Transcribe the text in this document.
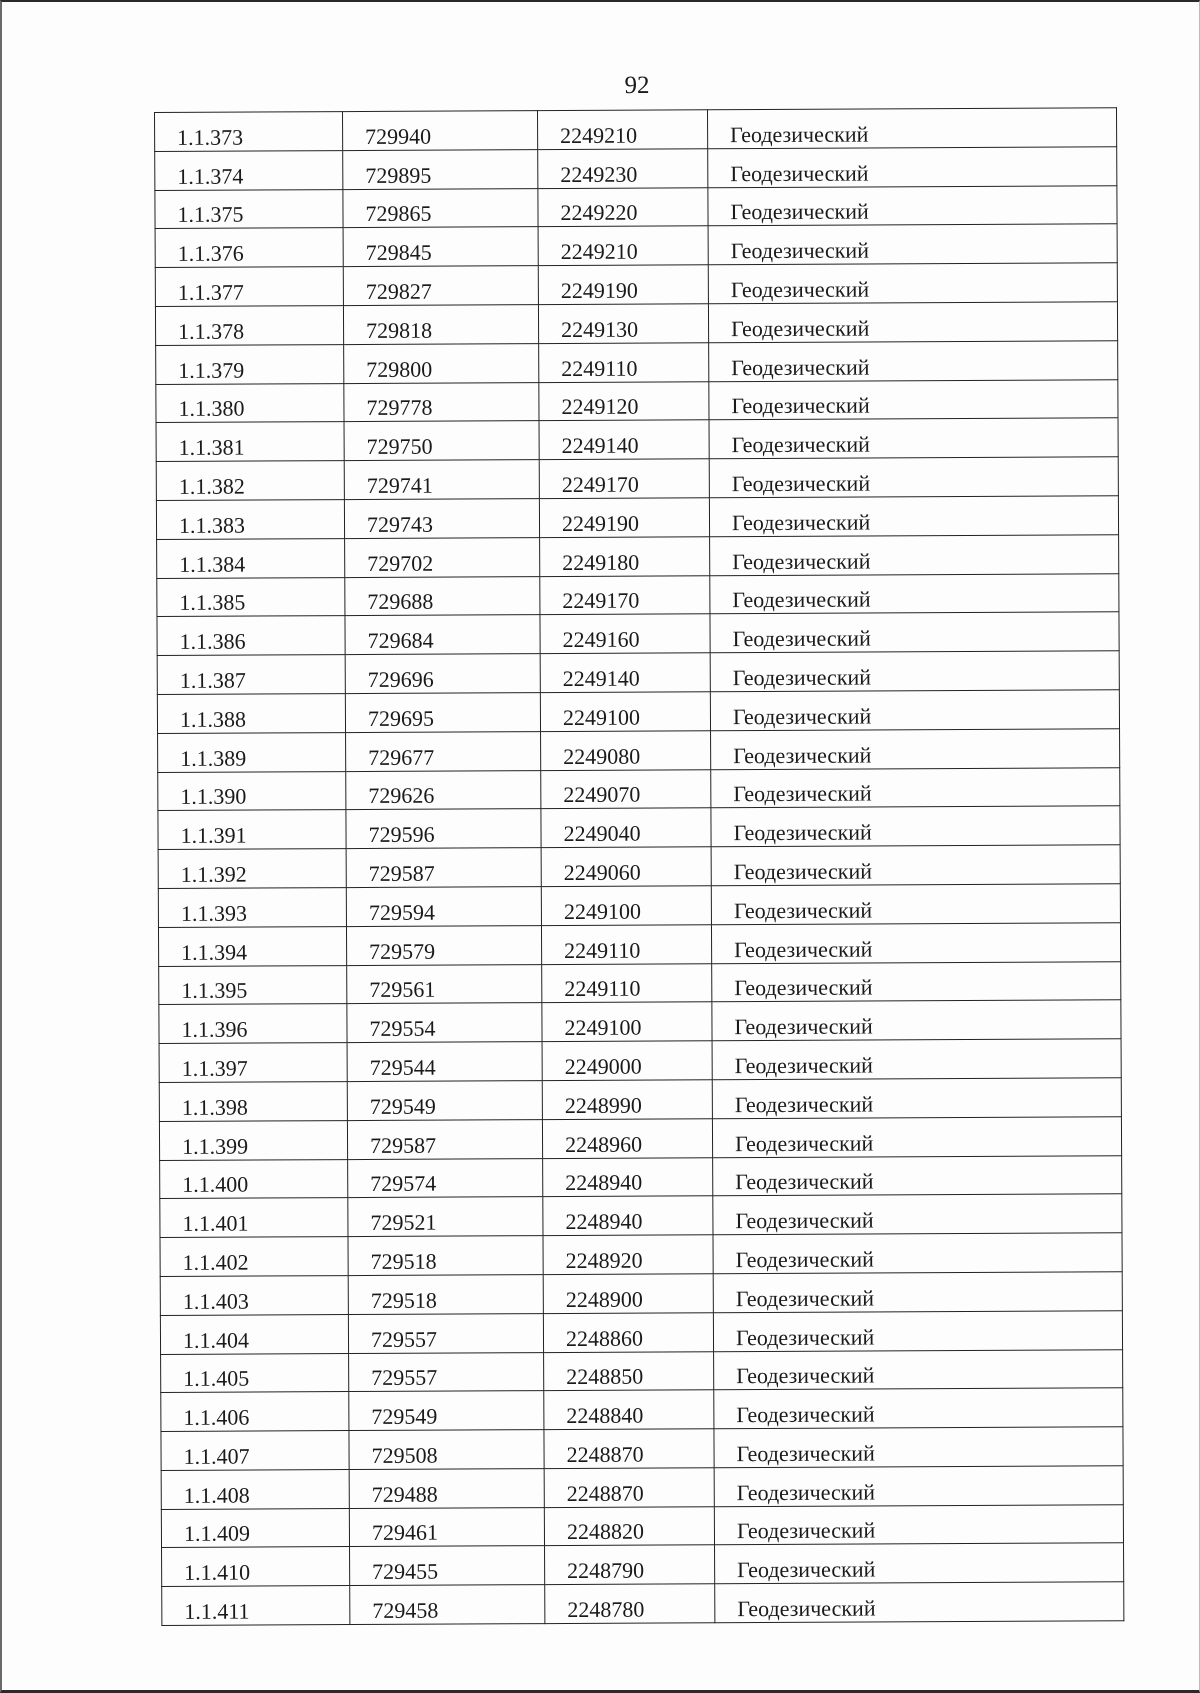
92
1.1.373	729940	2249210	Геодезический
1.1.374	729895	2249230	Геодезический
1.1.375	729865	2249220	Геодезический
1.1.376	729845	2249210	Геодезический
1.1.377	729827	2249190	Геодезический
1.1.378	729818	2249130	Геодезический
1.1.379	729800	2249110	Геодезический
1.1.380	729778	2249120	Геодезический
1.1.381	729750	2249140	Геодезический
1.1.382	729741	2249170	Геодезический
1.1.383	729743	2249190	Геодезический
1.1.384	729702	2249180	Геодезический
1.1.385	729688	2249170	Геодезический
1.1.386	729684	2249160	Геодезический
1.1.387	729696	2249140	Геодезический
1.1.388	729695	2249100	Геодезический
1.1.389	729677	2249080	Геодезический
1.1.390	729626	2249070	Геодезический
1.1.391	729596	2249040	Геодезический
1.1.392	729587	2249060	Геодезический
1.1.393	729594	2249100	Геодезический
1.1.394	729579	2249110	Геодезический
1.1.395	729561	2249110	Геодезический
1.1.396	729554	2249100	Геодезический
1.1.397	729544	2249000	Геодезический
1.1.398	729549	2248990	Геодезический
1.1.399	729587	2248960	Геодезический
1.1.400	729574	2248940	Геодезический
1.1.401	729521	2248940	Геодезический
1.1.402	729518	2248920	Геодезический
1.1.403	729518	2248900	Геодезический
1.1.404	729557	2248860	Геодезический
1.1.405	729557	2248850	Геодезический
1.1.406	729549	2248840	Геодезический
1.1.407	729508	2248870	Геодезический
1.1.408	729488	2248870	Геодезический
1.1.409	729461	2248820	Геодезический
1.1.410	729455	2248790	Геодезический
1.1.411	729458	2248780	Геодезический
